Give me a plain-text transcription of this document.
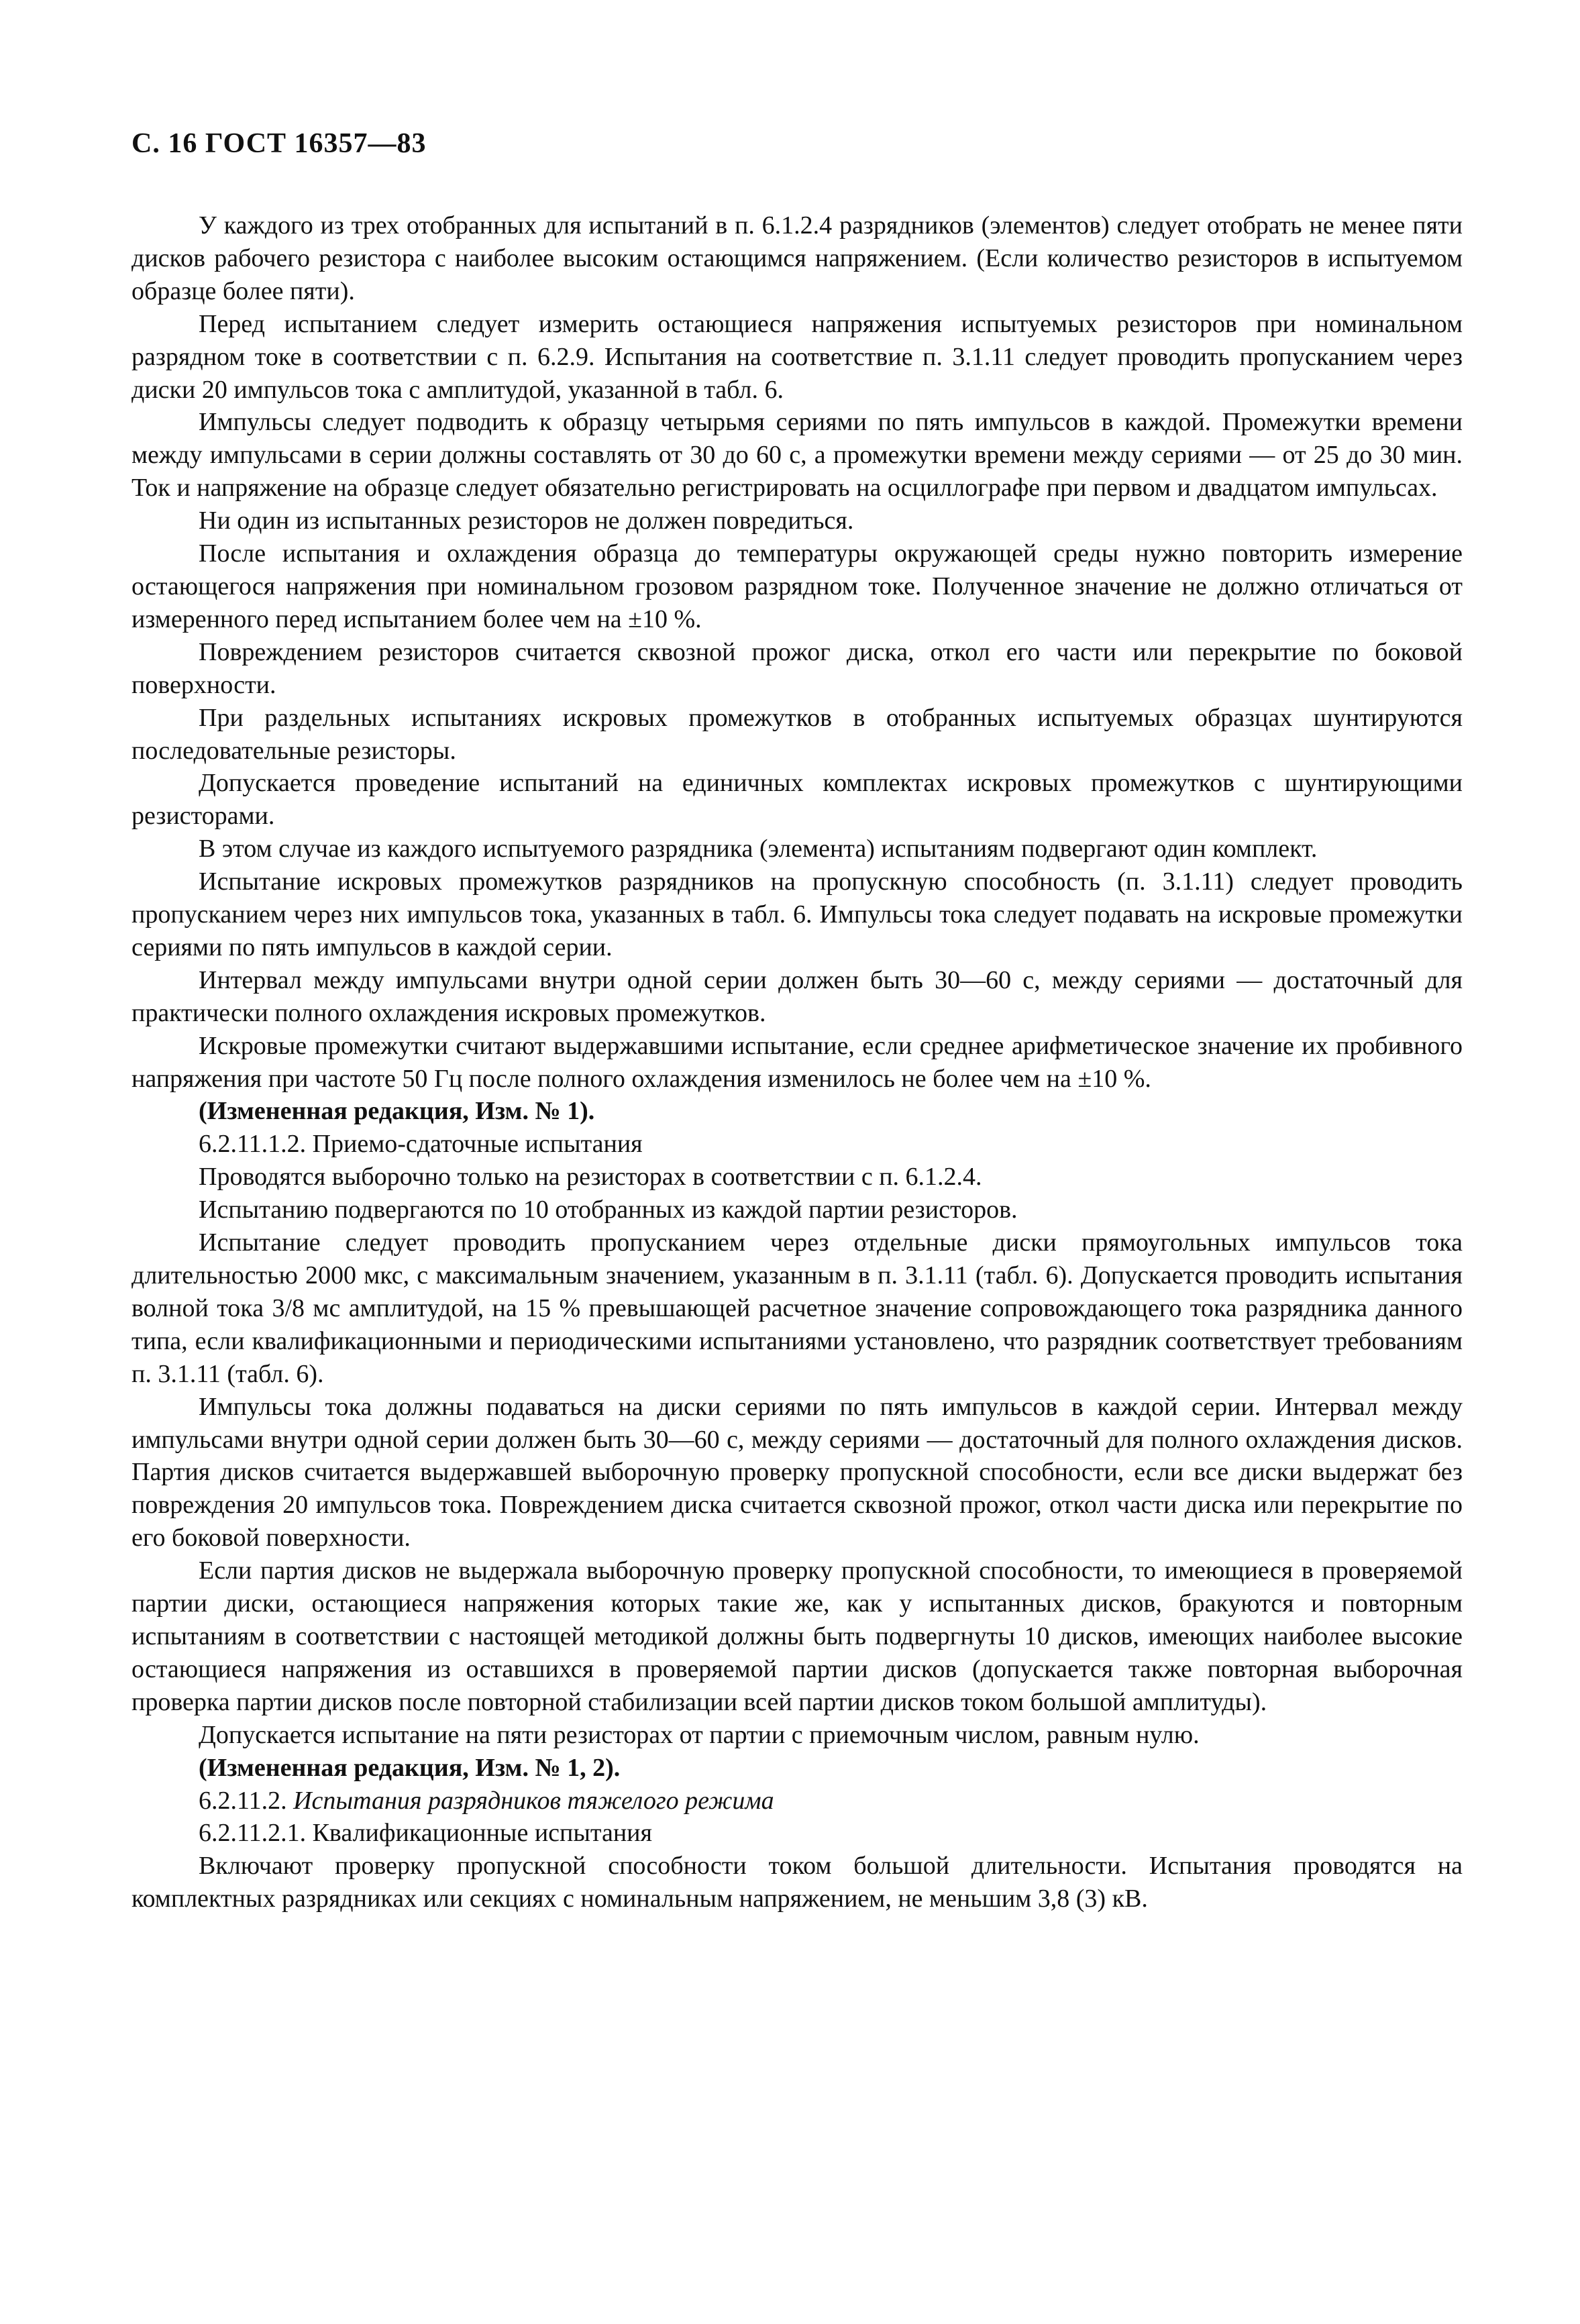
С. 16 ГОСТ 16357—83

У каждого из трех отобранных для испытаний в п. 6.1.2.4 разрядников (элементов) следует отобрать не менее пяти дисков рабочего резистора с наиболее высоким остающимся напряжением. (Если количество резисторов в испытуемом образце более пяти).

Перед испытанием следует измерить остающиеся напряжения испытуемых резисторов при номинальном разрядном токе в соответствии с п. 6.2.9. Испытания на соответствие п. 3.1.11 следует проводить пропусканием через диски 20 импульсов тока с амплитудой, указанной в табл. 6.

Импульсы следует подводить к образцу четырьмя сериями по пять импульсов в каждой. Промежутки времени между импульсами в серии должны составлять от 30 до 60 с, а промежутки времени между сериями — от 25 до 30 мин. Ток и напряжение на образце следует обязательно регистрировать на осциллографе при первом и двадцатом импульсах.

Ни один из испытанных резисторов не должен повредиться.

После испытания и охлаждения образца до температуры окружающей среды нужно повторить измерение остающегося напряжения при номинальном грозовом разрядном токе. Полученное значение не должно отличаться от измеренного перед испытанием более чем на ±10 %.

Повреждением резисторов считается сквозной прожог диска, откол его части или перекрытие по боковой поверхности.

При раздельных испытаниях искровых промежутков в отобранных испытуемых образцах шунтируются последовательные резисторы.

Допускается проведение испытаний на единичных комплектах искровых промежутков с шунтирующими резисторами.

В этом случае из каждого испытуемого разрядника (элемента) испытаниям подвергают один комплект.

Испытание искровых промежутков разрядников на пропускную способность (п. 3.1.11) следует проводить пропусканием через них импульсов тока, указанных в табл. 6. Импульсы тока следует подавать на искровые промежутки сериями по пять импульсов в каждой серии.

Интервал между импульсами внутри одной серии должен быть 30—60 с, между сериями — достаточный для практически полного охлаждения искровых промежутков.

Искровые промежутки считают выдержавшими испытание, если среднее арифметическое значение их пробивного напряжения при частоте 50 Гц после полного охлаждения изменилось не более чем на ±10 %.

(Измененная редакция, Изм. № 1).

6.2.11.1.2. Приемо-сдаточные испытания

Проводятся выборочно только на резисторах в соответствии с п. 6.1.2.4.

Испытанию подвергаются по 10 отобранных из каждой партии резисторов.

Испытание следует проводить пропусканием через отдельные диски прямоугольных импульсов тока длительностью 2000 мкс, с максимальным значением, указанным в п. 3.1.11 (табл. 6). Допускается проводить испытания волной тока 3/8 мс амплитудой, на 15 % превышающей расчетное значение сопровождающего тока разрядника данного типа, если квалификационными и периодическими испытаниями установлено, что разрядник соответствует требованиям п. 3.1.11 (табл. 6).

Импульсы тока должны подаваться на диски сериями по пять импульсов в каждой серии. Интервал между импульсами внутри одной серии должен быть 30—60 с, между сериями — достаточный для полного охлаждения дисков. Партия дисков считается выдержавшей выборочную проверку пропускной способности, если все диски выдержат без повреждения 20 импульсов тока. Повреждением диска считается сквозной прожог, откол части диска или перекрытие по его боковой поверхности.

Если партия дисков не выдержала выборочную проверку пропускной способности, то имеющиеся в проверяемой партии диски, остающиеся напряжения которых такие же, как у испытанных дисков, бракуются и повторным испытаниям в соответствии с настоящей методикой должны быть подвергнуты 10 дисков, имеющих наиболее высокие остающиеся напряжения из оставшихся в проверяемой партии дисков (допускается также повторная выборочная проверка партии дисков после повторной стабилизации всей партии дисков током большой амплитуды).

Допускается испытание на пяти резисторах от партии с приемочным числом, равным нулю.

(Измененная редакция, Изм. № 1, 2).

6.2.11.2. Испытания разрядников тяжелого режима

6.2.11.2.1. Квалификационные испытания

Включают проверку пропускной способности током большой длительности. Испытания проводятся на комплектных разрядниках или секциях с номинальным напряжением, не меньшим 3,8 (3) кВ.
